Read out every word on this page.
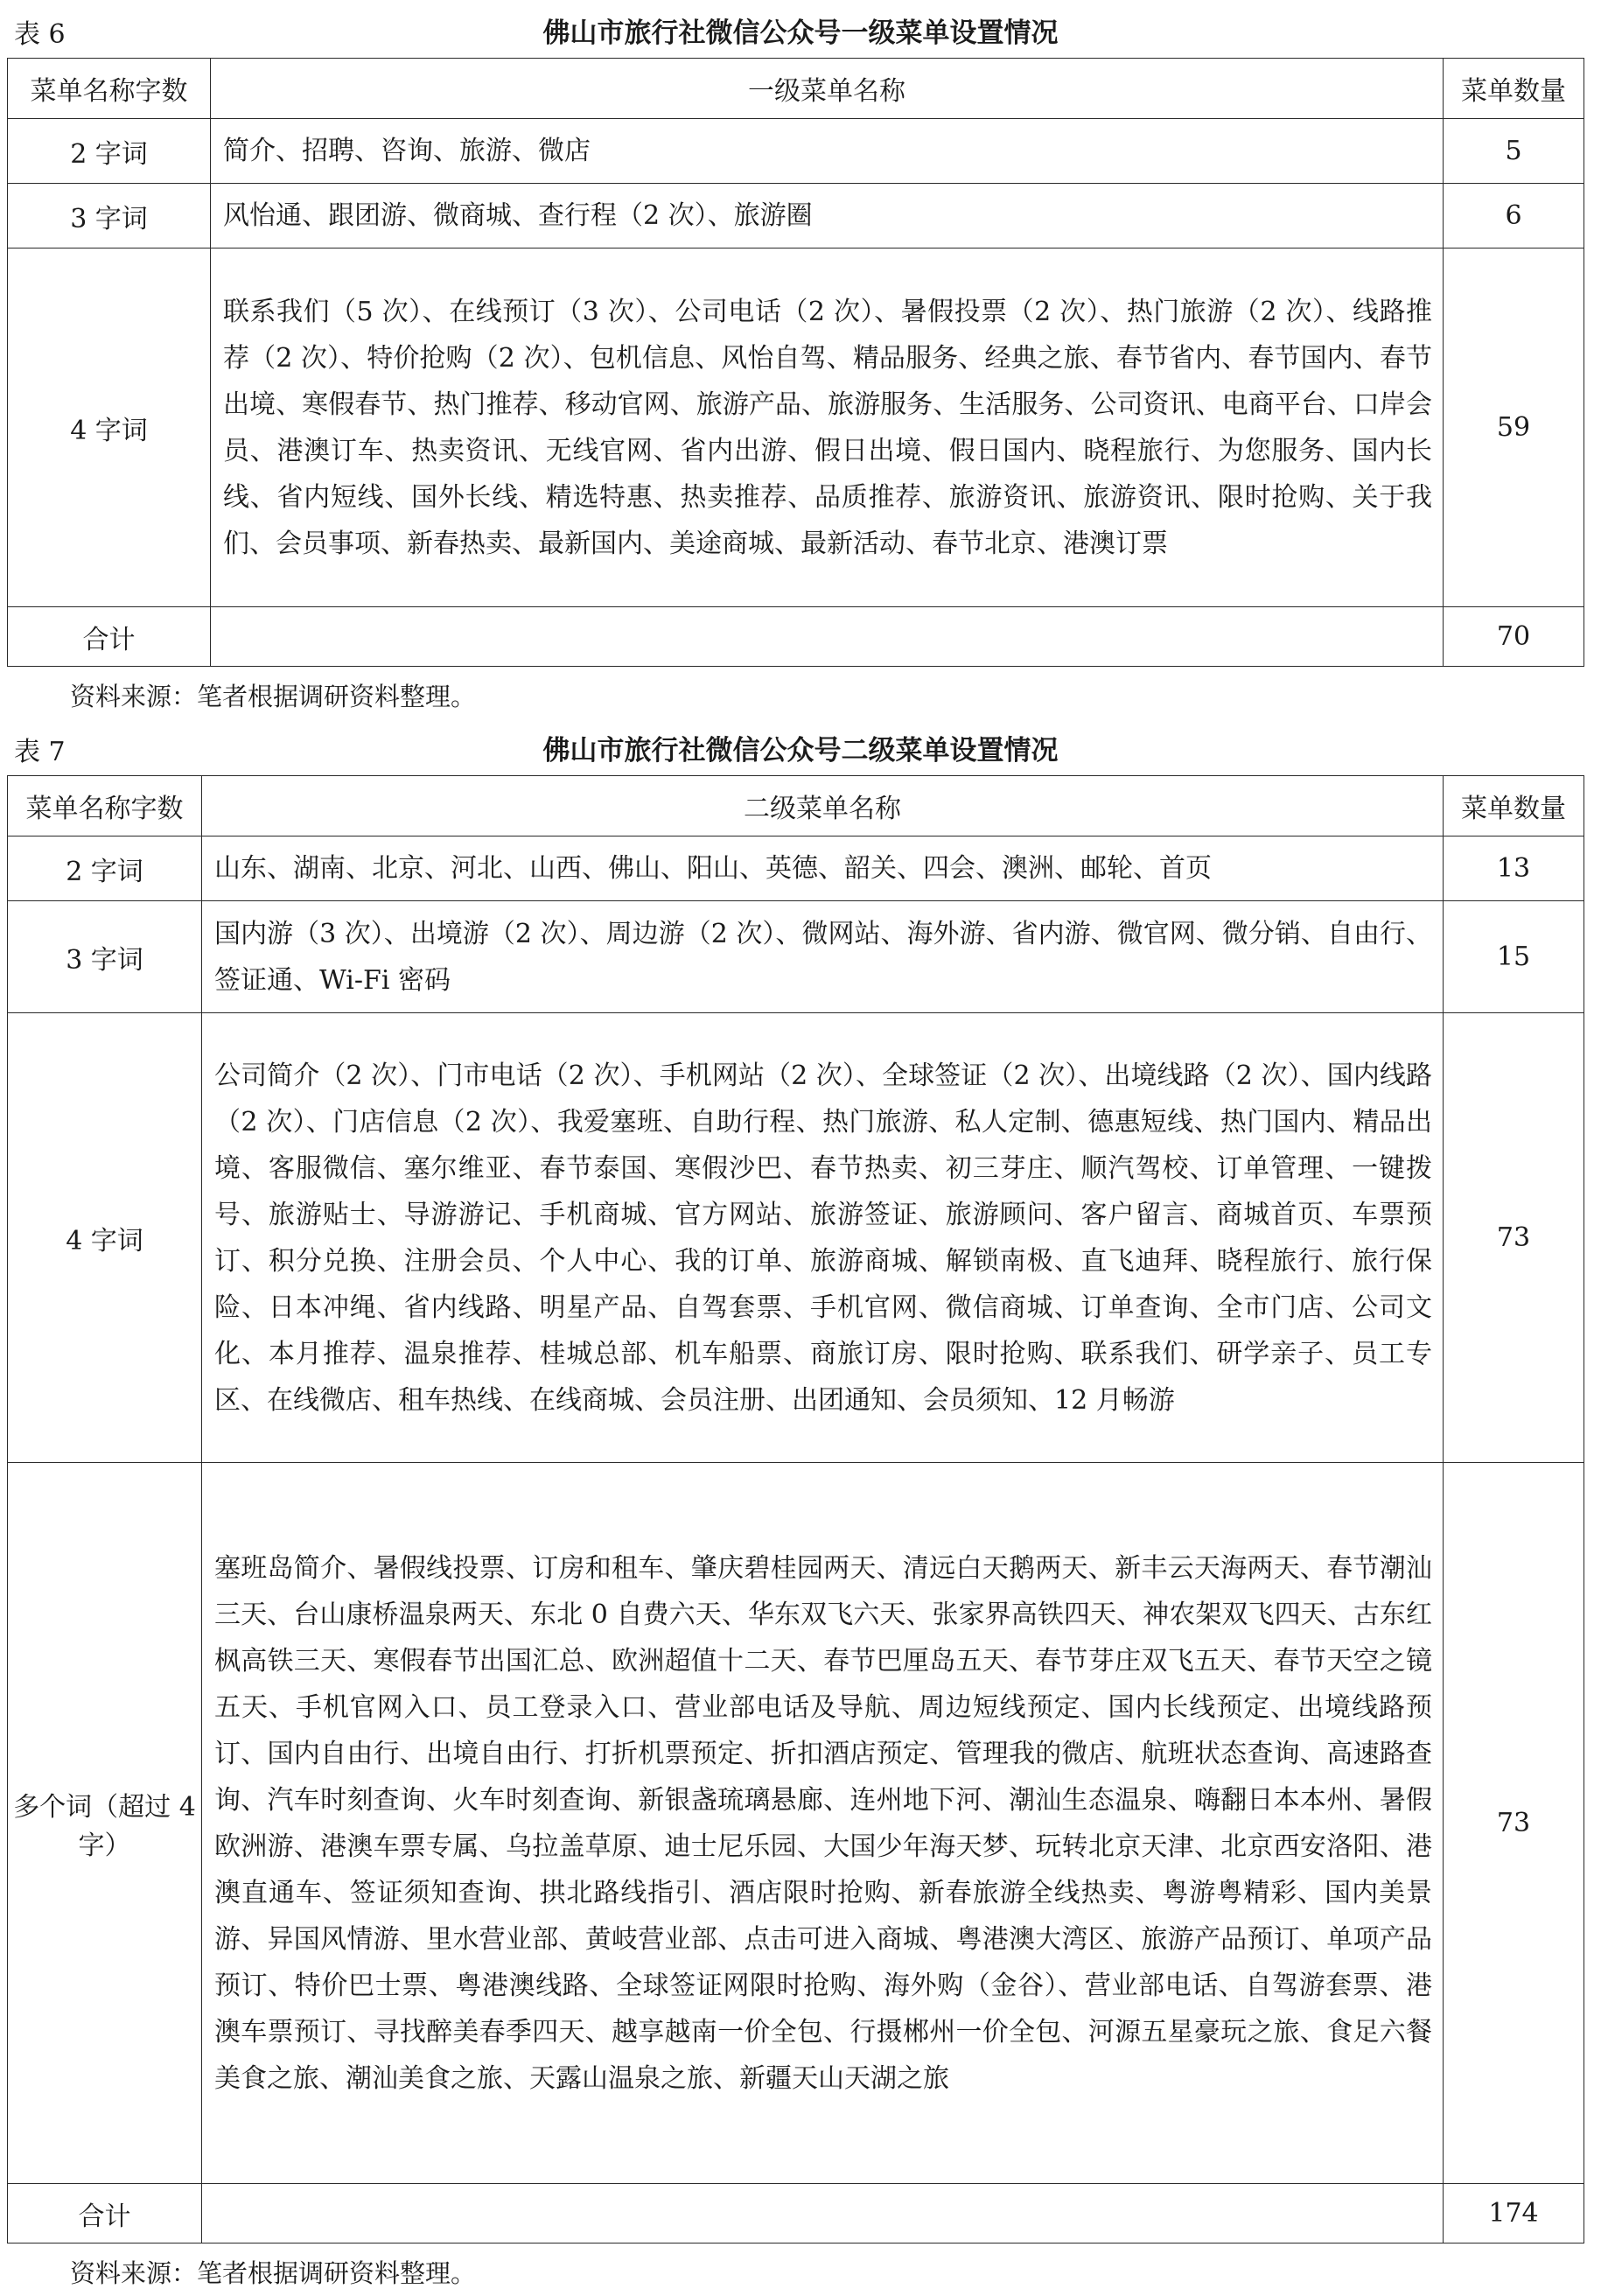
表 6	佛山市旅行社微信公众号一级菜单设置情况
菜单名称字数	一级菜单名称	菜单数量
2 字词	简介、招聘、咨询、旅游、微店	5
3 字词	风怡通、跟团游、微商城、查行程（2 次）、旅游圈	6
4 字词	联系我们（5 次）、在线预订（3 次）、公司电话（2 次）、暑假投票（2 次）、热门旅游（2 次）、线路推荐（2 次）、特价抢购（2 次）、包机信息、风怡自驾、精品服务、经典之旅、春节省内、春节国内、春节出境、寒假春节、热门推荐、移动官网、旅游产品、旅游服务、生活服务、公司资讯、电商平台、口岸会员、港澳订车、热卖资讯、无线官网、省内出游、假日出境、假日国内、晓程旅行、为您服务、国内长线、省内短线、国外长线、精选特惠、热卖推荐、品质推荐、旅游资讯、旅游资讯、限时抢购、关于我们、会员事项、新春热卖、最新国内、美途商城、最新活动、春节北京、港澳订票	59
合计		70
资料来源：笔者根据调研资料整理。
表 7	佛山市旅行社微信公众号二级菜单设置情况
菜单名称字数	二级菜单名称	菜单数量
2 字词	山东、湖南、北京、河北、山西、佛山、阳山、英德、韶关、四会、澳洲、邮轮、首页	13
3 字词	国内游（3 次）、出境游（2 次）、周边游（2 次）、微网站、海外游、省内游、微官网、微分销、自由行、签证通、Wi-Fi 密码	15
4 字词	公司简介（2 次）、门市电话（2 次）、手机网站（2 次）、全球签证（2 次）、出境线路（2 次）、国内线路（2 次）、门店信息（2 次）、我爱塞班、自助行程、热门旅游、私人定制、德惠短线、热门国内、精品出境、客服微信、塞尔维亚、春节泰国、寒假沙巴、春节热卖、初三芽庄、顺汽驾校、订单管理、一键拨号、旅游贴士、导游游记、手机商城、官方网站、旅游签证、旅游顾问、客户留言、商城首页、车票预订、积分兑换、注册会员、个人中心、我的订单、旅游商城、解锁南极、直飞迪拜、晓程旅行、旅行保险、日本冲绳、省内线路、明星产品、自驾套票、手机官网、微信商城、订单查询、全市门店、公司文化、本月推荐、温泉推荐、桂城总部、机车船票、商旅订房、限时抢购、联系我们、研学亲子、员工专区、在线微店、租车热线、在线商城、会员注册、出团通知、会员须知、12 月畅游	73
多个词（超过 4 字）	塞班岛简介、暑假线投票、订房和租车、肇庆碧桂园两天、清远白天鹅两天、新丰云天海两天、春节潮汕三天、台山康桥温泉两天、东北 0 自费六天、华东双飞六天、张家界高铁四天、神农架双飞四天、古东红枫高铁三天、寒假春节出国汇总、欧洲超值十二天、春节巴厘岛五天、春节芽庄双飞五天、春节天空之镜五天、手机官网入口、员工登录入口、营业部电话及导航、周边短线预定、国内长线预定、出境线路预订、国内自由行、出境自由行、打折机票预定、折扣酒店预定、管理我的微店、航班状态查询、高速路查询、汽车时刻查询、火车时刻查询、新银盏琉璃悬廊、连州地下河、潮汕生态温泉、嗨翻日本本州、暑假欧洲游、港澳车票专属、乌拉盖草原、迪士尼乐园、大国少年海天梦、玩转北京天津、北京西安洛阳、港澳直通车、签证须知查询、拱北路线指引、酒店限时抢购、新春旅游全线热卖、粤游粤精彩、国内美景游、异国风情游、里水营业部、黄岐营业部、点击可进入商城、粤港澳大湾区、旅游产品预订、单项产品预订、特价巴士票、粤港澳线路、全球签证网限时抢购、海外购（金谷）、营业部电话、自驾游套票、港澳车票预订、寻找醉美春季四天、越享越南一价全包、行摄郴州一价全包、河源五星豪玩之旅、食足六餐美食之旅、潮汕美食之旅、天露山温泉之旅、新疆天山天湖之旅	73
合计		174
资料来源：笔者根据调研资料整理。
